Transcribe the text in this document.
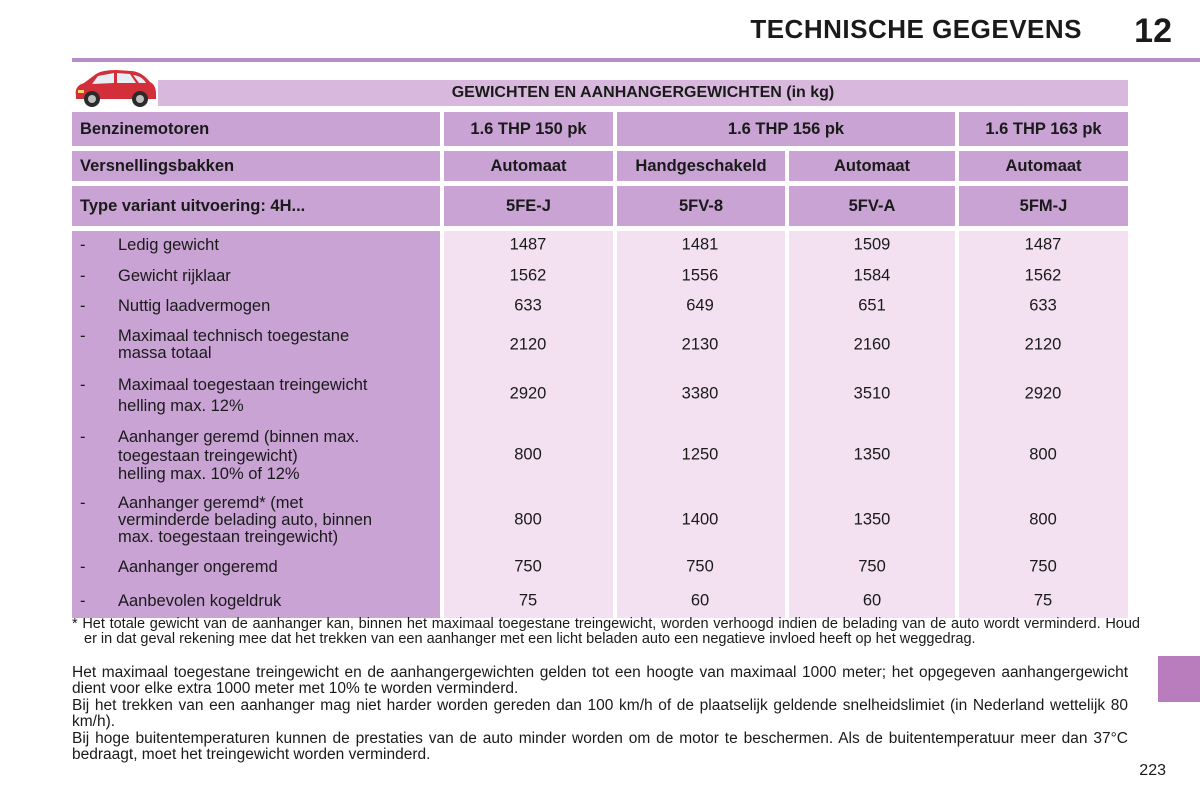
TECHNISCHE GEGEVENS 12
GEWICHTEN EN AANHANGERGEWICHTEN (in kg)
Benzinemotoren	1.6 THP 150 pk	1.6 THP 156 pk	1.6 THP 163 pk
Versnellingsbakken	Automaat	Handgeschakeld	Automaat	Automaat
Type variant uitvoering: 4H...	5FE-J	5FV-8	5FV-A	5FM-J
-	Ledig gewicht	1487	1481	1509	1487
-	Gewicht rijklaar	1562	1556	1584	1562
-	Nuttig laadvermogen	633	649	651	633
-	Maximaal technisch toegestane
massa totaal	2120	2130	2160	2120
-	Maximaal toegestaan treingewicht
helling max. 12%
2920	3380	3510	2920
-	Aanhanger geremd (binnen max.
toegestaan treingewicht)
helling max. 10% of 12%
800	1250	1350	800
-	Aanhanger geremd* (met
verminderde belading auto, binnen
max. toegestaan treingewicht)
800	1400	1350	800
-	Aanhanger ongeremd	750	750	750	750
-	Aanbevolen kogeldruk	75	60	60	75
* Het totale gewicht van de aanhanger kan, binnen het maximaal toegestane treingewicht, worden verhoogd indien de belading van de auto wordt verminderd. Houd er in dat geval rekening mee dat het trekken van een aanhanger met een licht beladen auto een negatieve invloed heeft op het weggedrag.
Het maximaal toegestane treingewicht en de aanhangergewichten gelden tot een hoogte van maximaal 1000 meter; het opgegeven aanhangergewicht dient voor elke extra 1000 meter met 10% te worden verminderd.
Bij het trekken van een aanhanger mag niet harder worden gereden dan 100 km/h of de plaatselijk geldende snelheidslimiet (in Nederland wettelijk 80 km/h).
Bij hoge buitentemperaturen kunnen de prestaties van de auto minder worden om de motor te beschermen. Als de buitentemperatuur meer dan 37°C bedraagt, moet het treingewicht worden verminderd.
223
